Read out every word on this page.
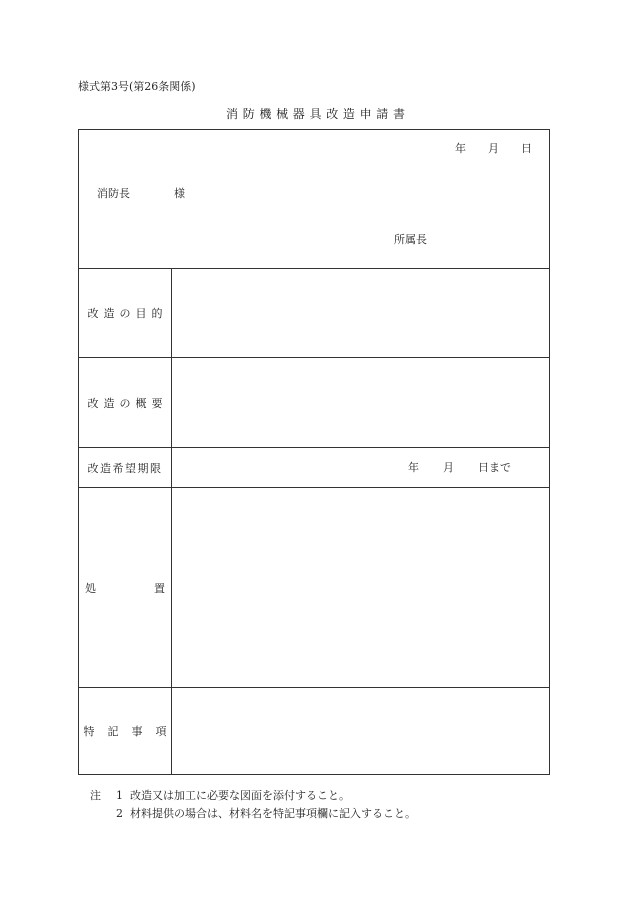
様式第3号(第26条関係)
消防機械器具改造申請書
年 月 日
消防長	様
所属長
改造の目的
改造の概要
改造希望期限	年 月 日まで
処	置
特記事項
注	1 改造又は加工に必要な図面を添付すること。
2 材料提供の場合は、材料名を特記事項欄に記入すること。
